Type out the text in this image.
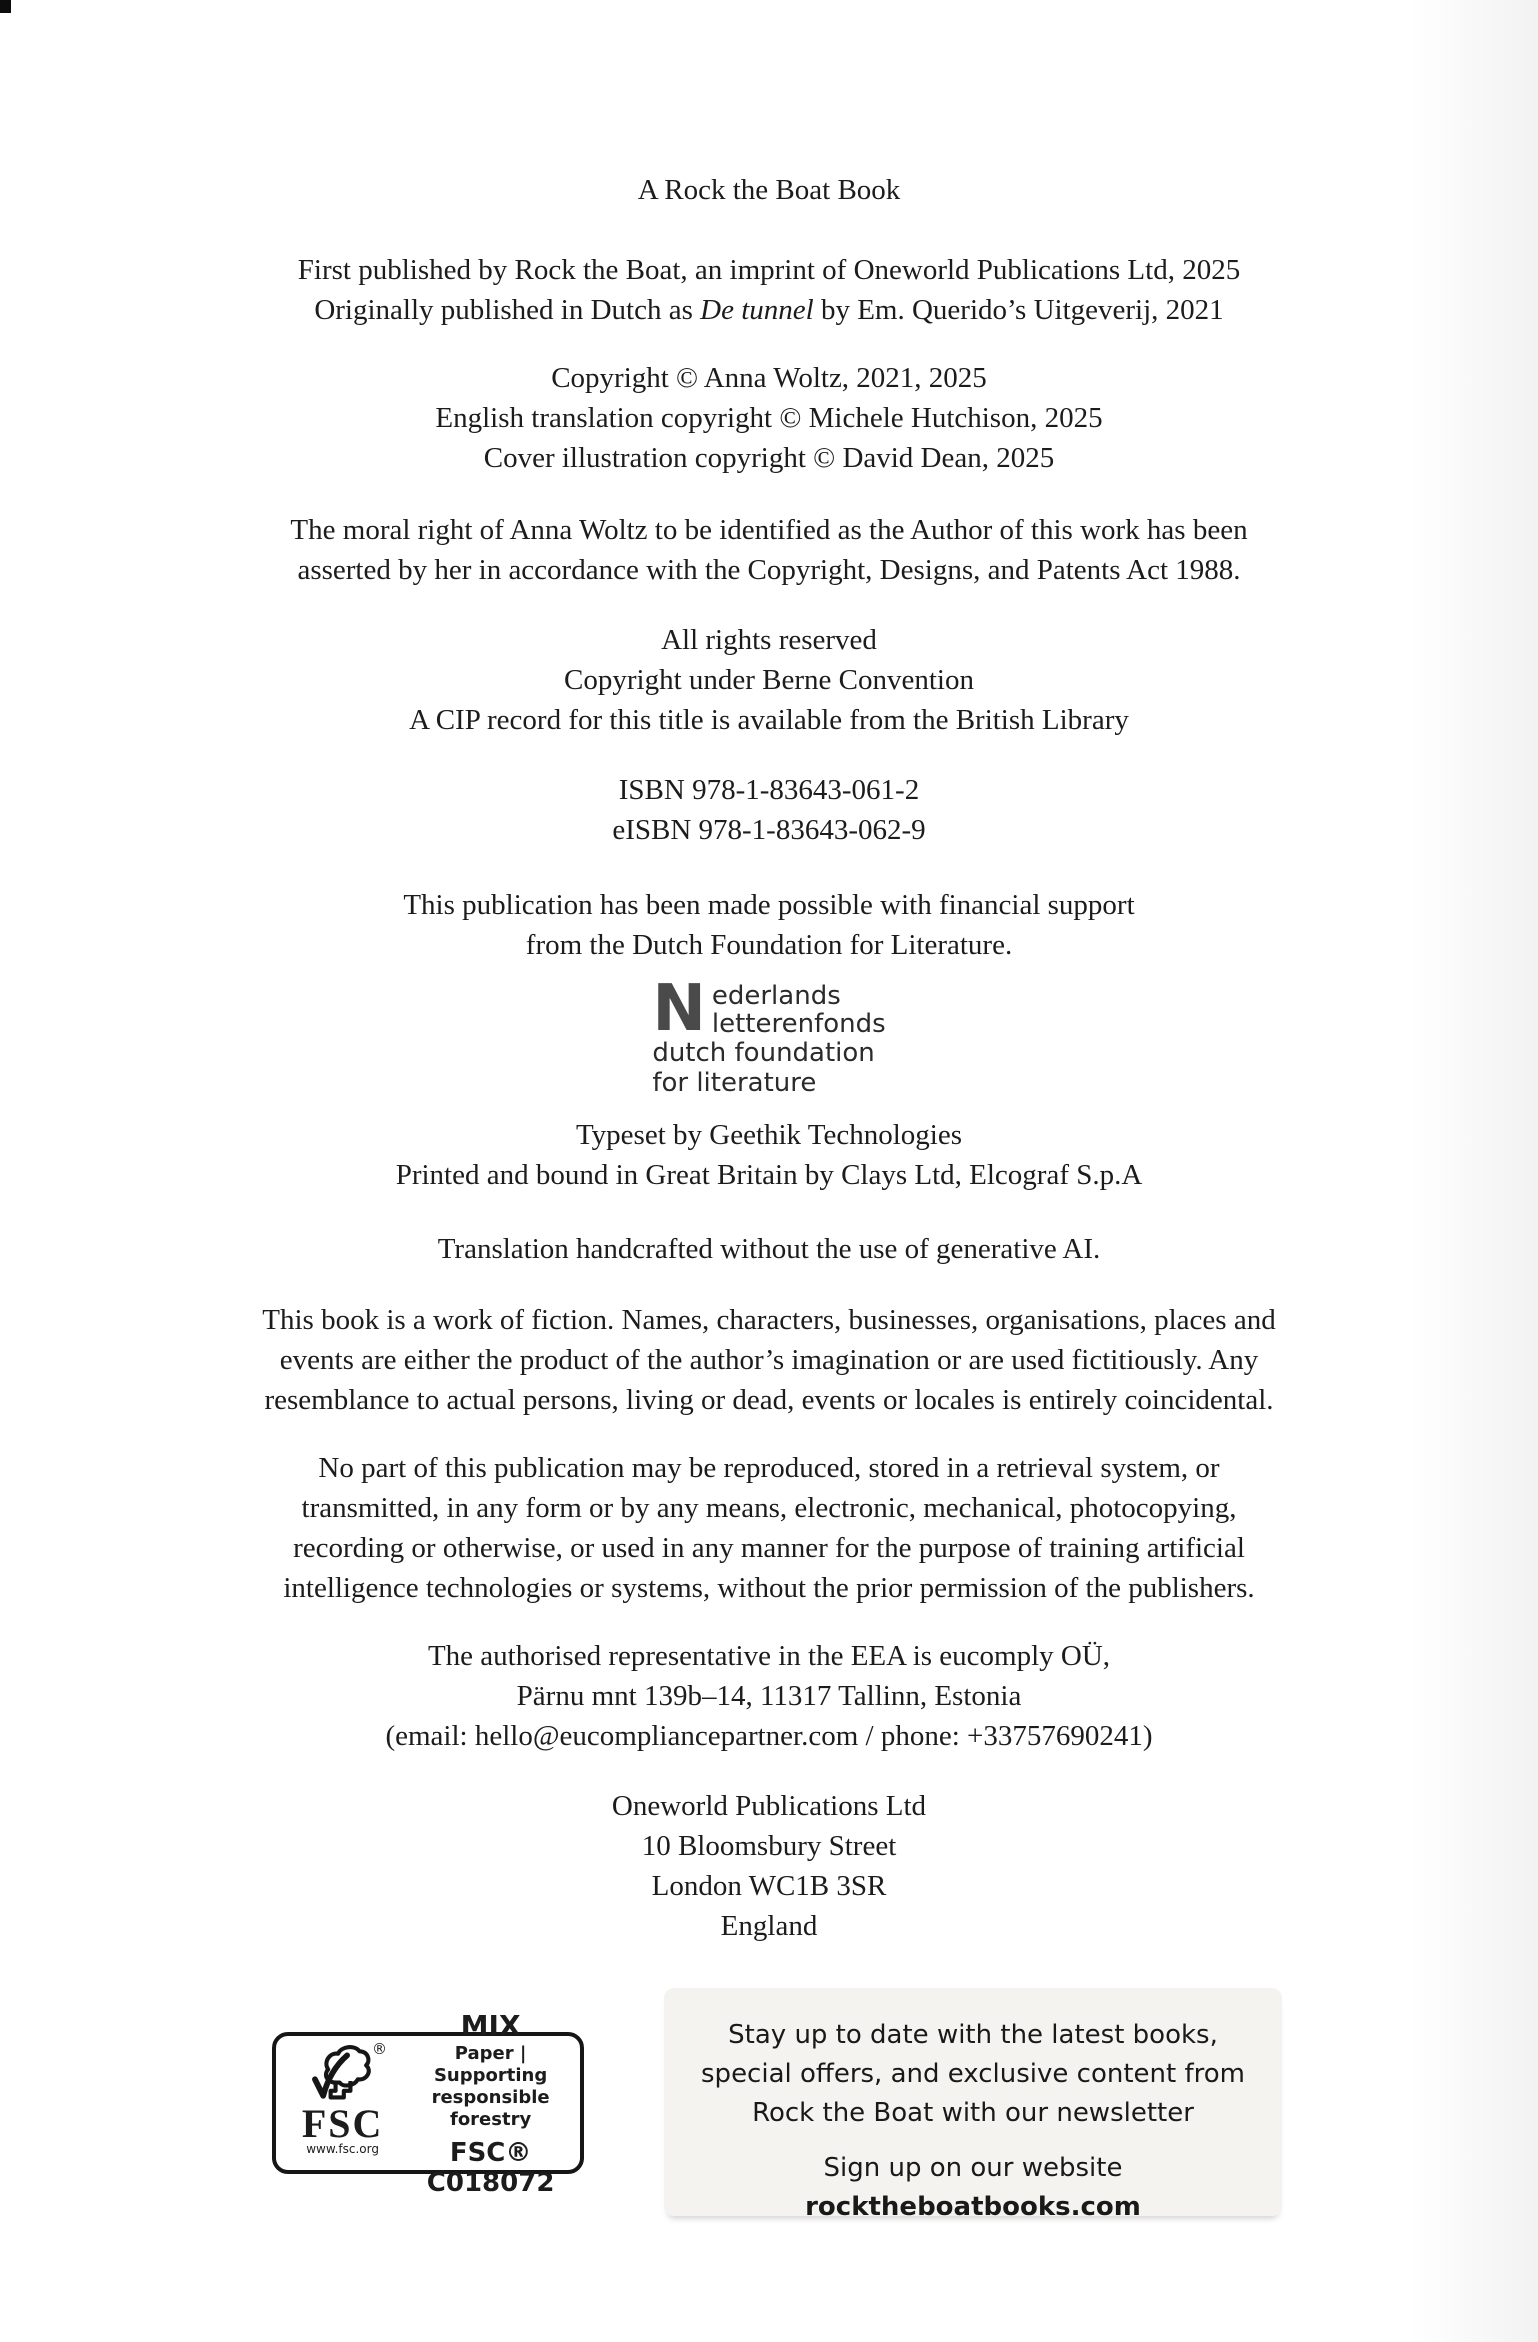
A Rock the Boat Book
First published by Rock the Boat, an imprint of Oneworld Publications Ltd, 2025
Originally published in Dutch as De tunnel by Em. Querido’s Uitgeverij, 2021
Copyright © Anna Woltz, 2021, 2025
English translation copyright © Michele Hutchison, 2025
Cover illustration copyright © David Dean, 2025
The moral right of Anna Woltz to be identified as the Author of this work has been
asserted by her in accordance with the Copyright, Designs, and Patents Act 1988.
All rights reserved
Copyright under Berne Convention
A CIP record for this title is available from the British Library
ISBN 978-1-83643-061-2
eISBN 978-1-83643-062-9
This publication has been made possible with financial support
from the Dutch Foundation for Literature.
N ederlands
letterenfonds
dutch foundation
for literature
Typeset by Geethik Technologies
Printed and bound in Great Britain by Clays Ltd, Elcograf S.p.A
Translation handcrafted without the use of generative AI.
This book is a work of fiction. Names, characters, businesses, organisations, places and
events are either the product of the author’s imagination or are used fictitiously. Any
resemblance to actual persons, living or dead, events or locales is entirely coincidental.
No part of this publication may be reproduced, stored in a retrieval system, or
transmitted, in any form or by any means, electronic, mechanical, photocopying,
recording or otherwise, or used in any manner for the purpose of training artificial
intelligence technologies or systems, without the prior permission of the publishers.
The authorised representative in the EEA is eucomply OÜ,
Pärnu mnt 139b–14, 11317 Tallinn, Estonia
(email: hello@eucompliancepartner.com / phone: +33757690241)
Oneworld Publications Ltd
10 Bloomsbury Street
London WC1B 3SR
England
®
FSC
www.fsc.org
MIX
Paper | Supporting
responsible forestry
FSC® C018072
Stay up to date with the latest books,
special offers, and exclusive content from
Rock the Boat with our newsletter
Sign up on our website
rocktheboatbooks.com
